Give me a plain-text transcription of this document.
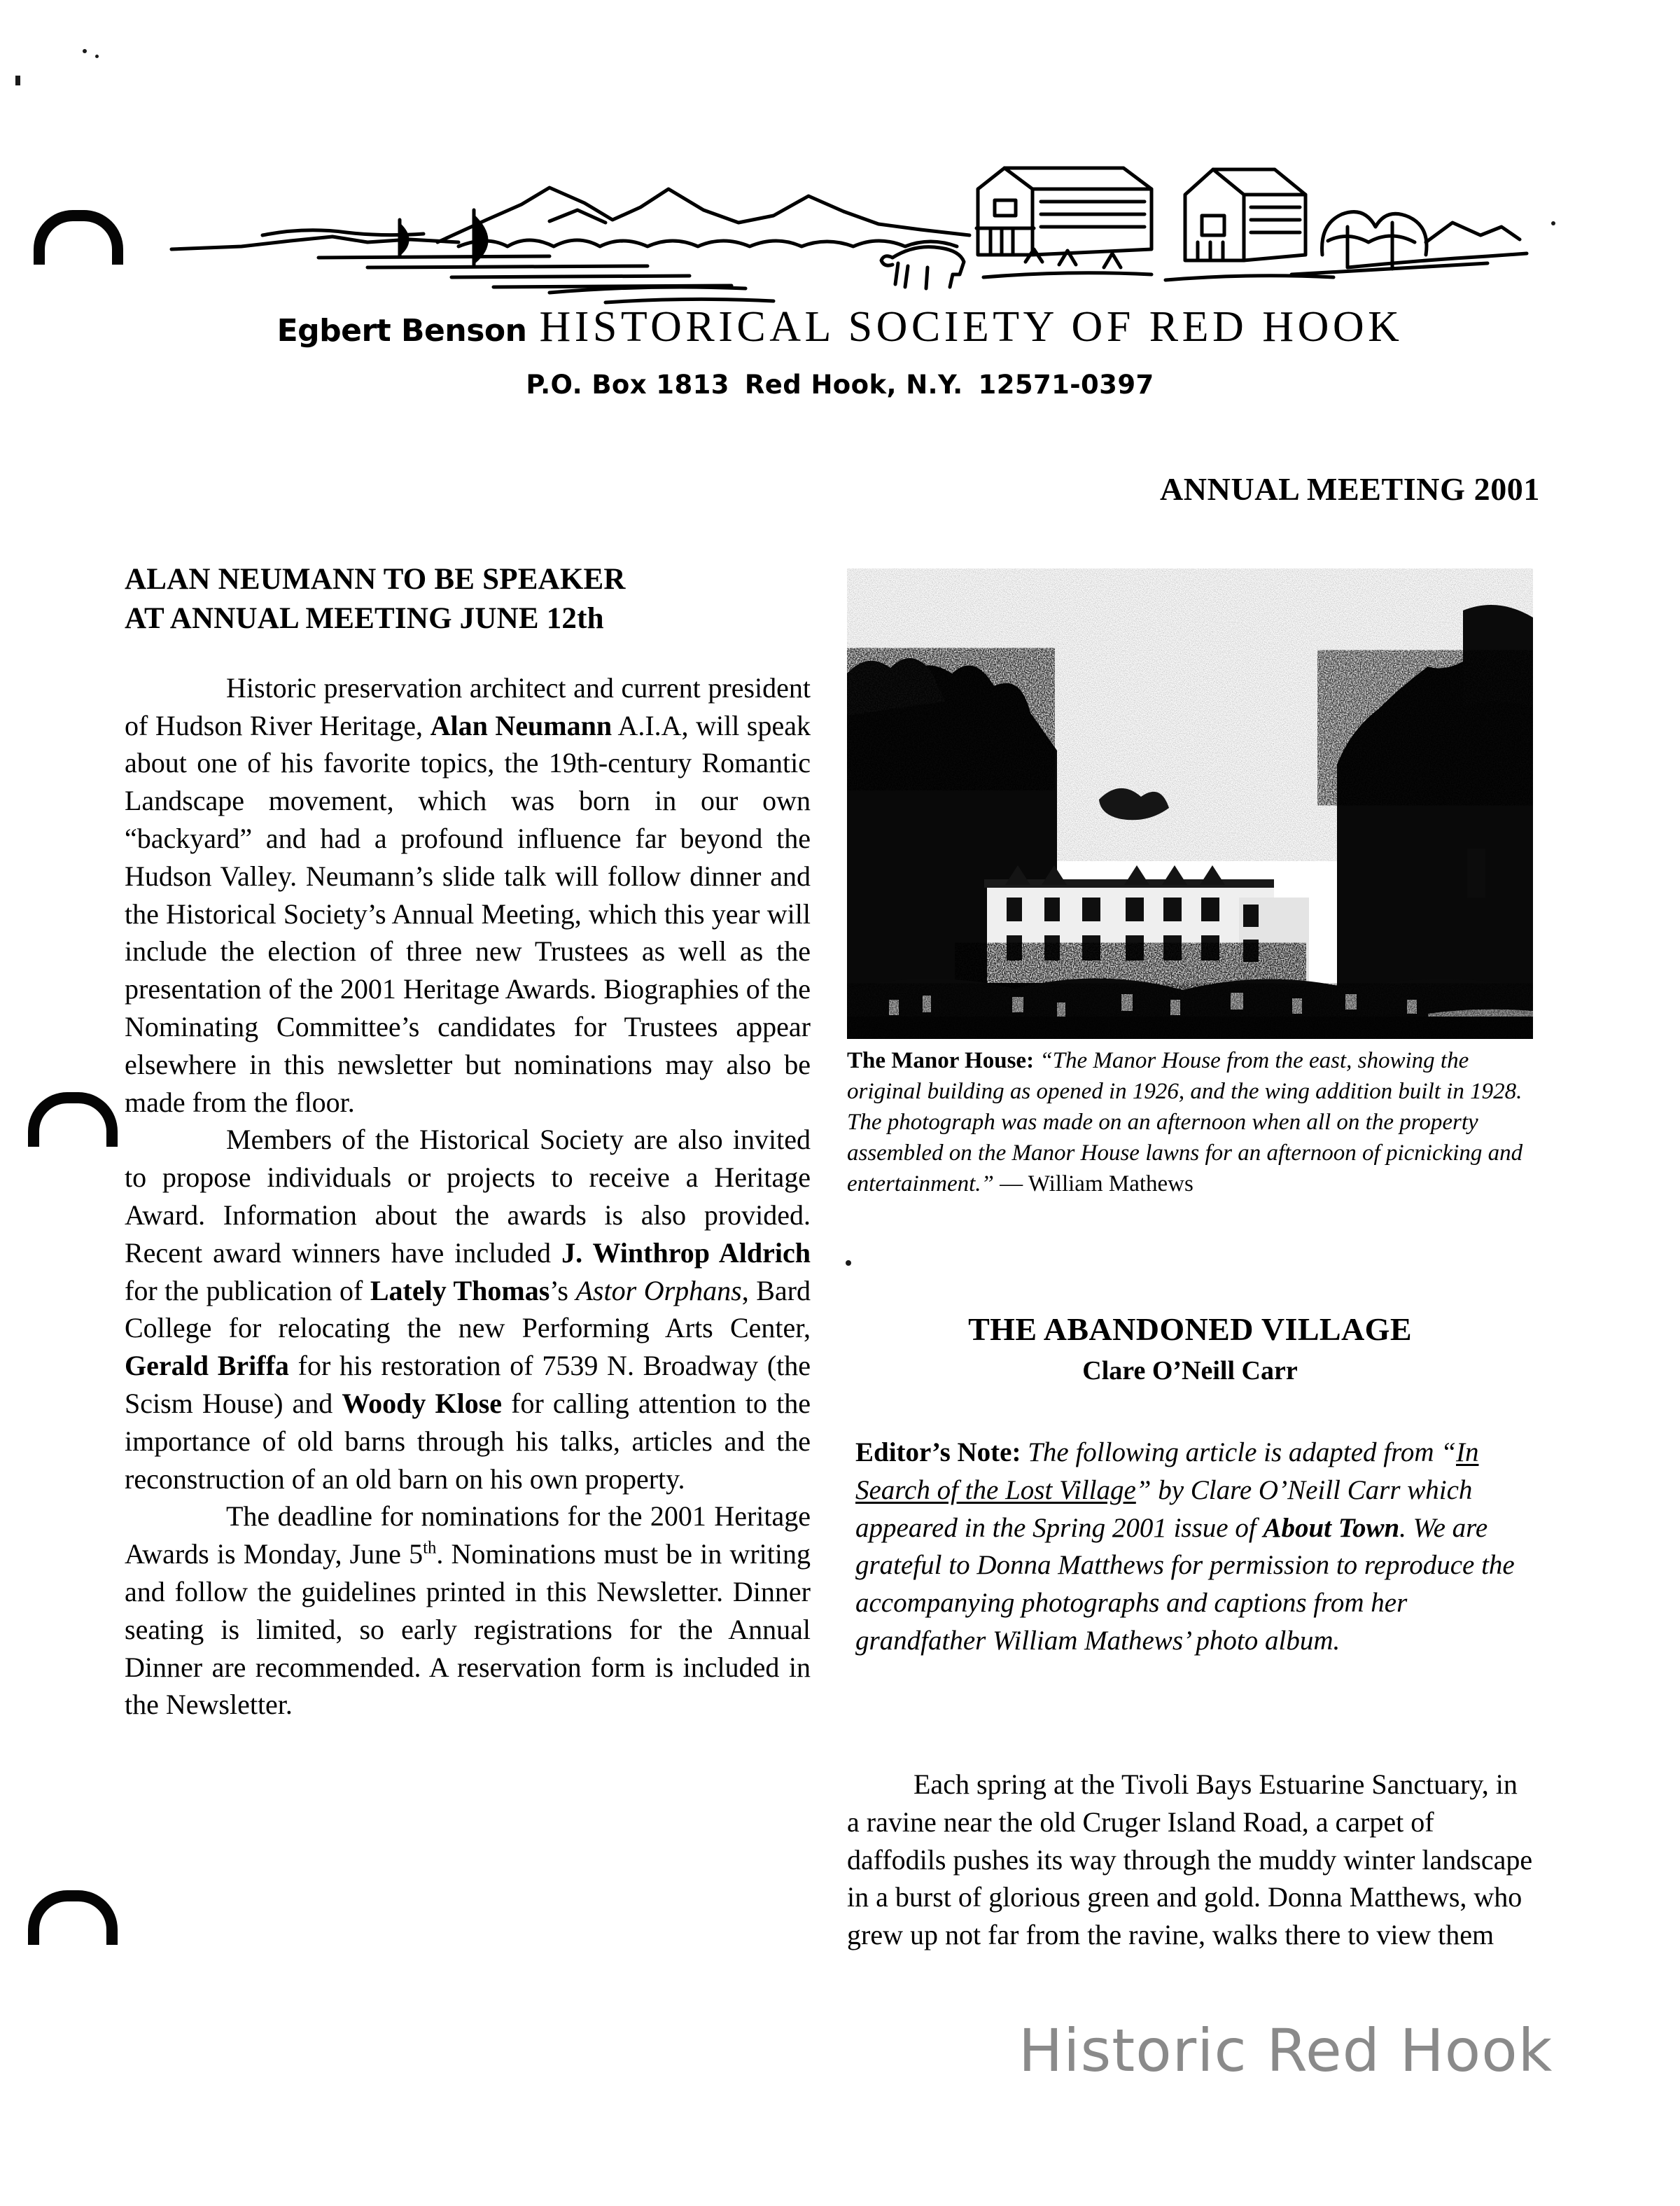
Egbert Benson HISTORICAL SOCIETY OF RED HOOK
P.O. Box 1813 Red Hook, N.Y. 12571-0397
ANNUAL MEETING 2001
ALAN NEUMANN TO BE SPEAKER
AT ANNUAL MEETING JUNE 12th

Historic preservation architect and current president of Hudson River Heritage, Alan Neumann A.I.A, will speak about one of his favorite topics, the 19th-century Romantic Landscape movement, which was born in our own “backyard” and had a profound influence far beyond the Hudson Valley. Neumann’s slide talk will follow dinner and the Historical Society’s Annual Meeting, which this year will include the election of three new Trustees as well as the presentation of the 2001 Heritage Awards. Biographies of the Nominating Committee’s candidates for Trustees appear elsewhere in this newsletter but nominations may also be made from the floor.

Members of the Historical Society are also invited to propose individuals or projects to receive a Heritage Award. Information about the awards is also provided. Recent award winners have included J. Winthrop Aldrich for the publication of Lately Thomas’s Astor Orphans, Bard College for relocating the new Performing Arts Center, Gerald Briffa for his restoration of 7539 N. Broadway (the Scism House) and Woody Klose for calling attention to the importance of old barns through his talks, articles and the reconstruction of an old barn on his own property.

The deadline for nominations for the 2001 Heritage Awards is Monday, June 5th. Nominations must be in writing and follow the guidelines printed in this Newsletter. Dinner seating is limited, so early registrations for the Annual Dinner are recommended. A reservation form is included in the Newsletter.

The Manor House: “The Manor House from the east, showing the original building as opened in 1926, and the wing addition built in 1928. The photograph was made on an afternoon when all on the property assembled on the Manor House lawns for an afternoon of picnicking and entertainment.” — William Mathews
THE ABANDONED VILLAGE
Clare O’Neill Carr
Editor’s Note: The following article is adapted from “In Search of the Lost Village” by Clare O’Neill Carr which appeared in the Spring 2001 issue of About Town. We are grateful to Donna Matthews for permission to reproduce the accompanying photographs and captions from her grandfather William Mathews’ photo album.

Each spring at the Tivoli Bays Estuarine Sanctuary, in a ravine near the old Cruger Island Road, a carpet of daffodils pushes its way through the muddy winter landscape in a burst of glorious green and gold. Donna Matthews, who grew up not far from the ravine, walks there to view them

Historic Red Hook
